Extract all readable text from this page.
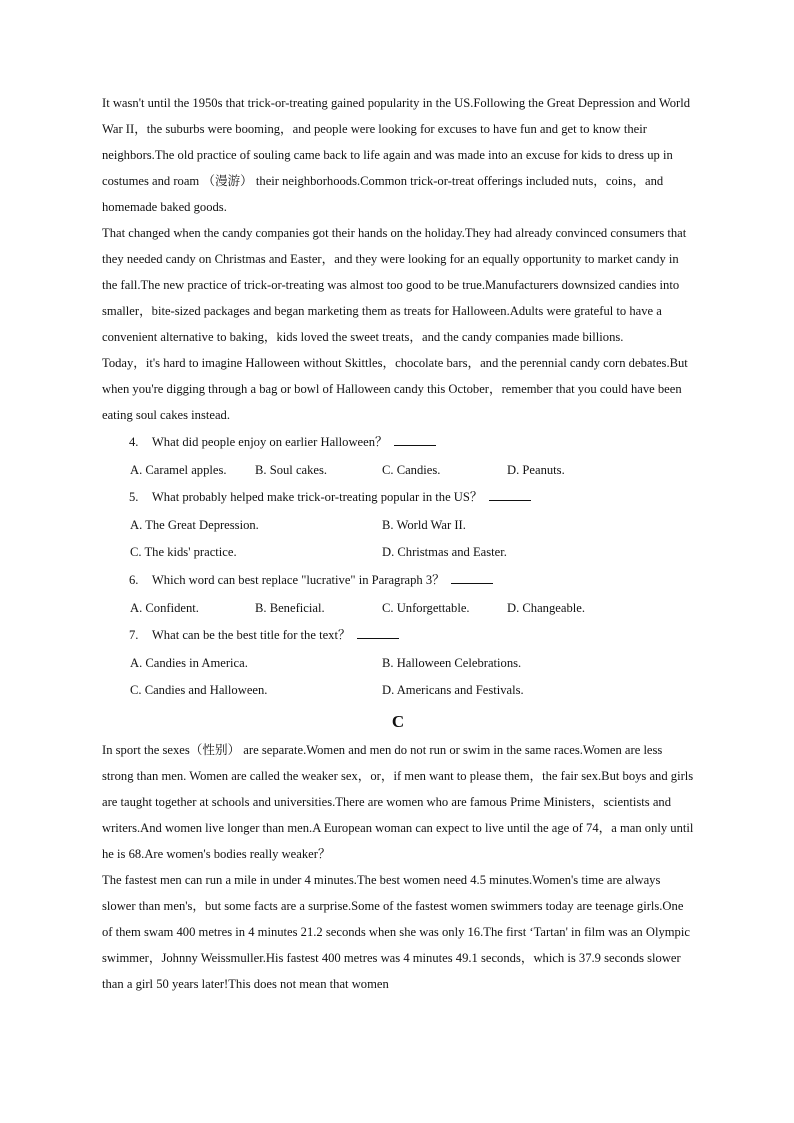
It wasn't until the 1950s that trick-or-treating gained popularity in the US.Following the Great Depression and World War II，the suburbs were booming，and people were looking for excuses to have fun and get to know their neighbors.The old practice of souling came back to life again and was made into an excuse for kids to dress up in costumes and roam （漫游） their neighborhoods.Common trick-or-treat offerings included nuts，coins，and homemade baked goods.

That changed when the candy companies got their hands on the holiday.They had already convinced consumers that they needed candy on Christmas and Easter，and they were looking for an equally opportunity to market candy in the fall.The new practice of trick-or-treating was almost too good to be true.Manufacturers downsized candies into smaller，bite-sized packages and began marketing them as treats for Halloween.Adults were grateful to have a convenient alternative to baking，kids loved the sweet treats，and the candy companies made billions.

Today，it's hard to imagine Halloween without Skittles，chocolate bars，and the perennial candy corn debates.But when you're digging through a bag or bowl of Halloween candy this October，remember that you could have been eating soul cakes instead.

4. What did people enjoy on earlier Halloween？

A. Caramel apples.	B. Soul cakes.	C. Candies.	D. Peanuts.

5. What probably helped make trick-or-treating popular in the US？

A. The Great Depression.	B. World War II.
C. The kids' practice.	D. Christmas and Easter.

6. Which word can best replace "lucrative" in Paragraph 3？

A. Confident.	B. Beneficial.	C. Unforgettable.	D. Changeable.

7. What can be the best title for the text？

A. Candies in America.	B. Halloween Celebrations.
C. Candies and Halloween.	D. Americans and Festivals.
C

In sport the sexes（性别） are separate.Women and men do not run or swim in the same races.Women are less strong than men. Women are called the weaker sex，or，if men want to please them，the fair sex.But boys and girls are taught together at schools and universities.There are women who are famous Prime Ministers，scientists and writers.And women live longer than men.A European woman can expect to live until the age of 74，a man only until he is 68.Are women's bodies really weaker？

The fastest men can run a mile in under 4 minutes.The best women need 4.5 minutes.Women's time are always slower than men's，but some facts are a surprise.Some of the fastest women swimmers today are teenage girls.One of them swam 400 metres in 4 minutes 21.2 seconds when she was only 16.The first ‘Tartan' in film was an Olympic swimmer，Johnny Weissmuller.His fastest 400 metres was 4 minutes 49.1 seconds，which is 37.9 seconds slower than a girl 50 years later!This does not mean that women
